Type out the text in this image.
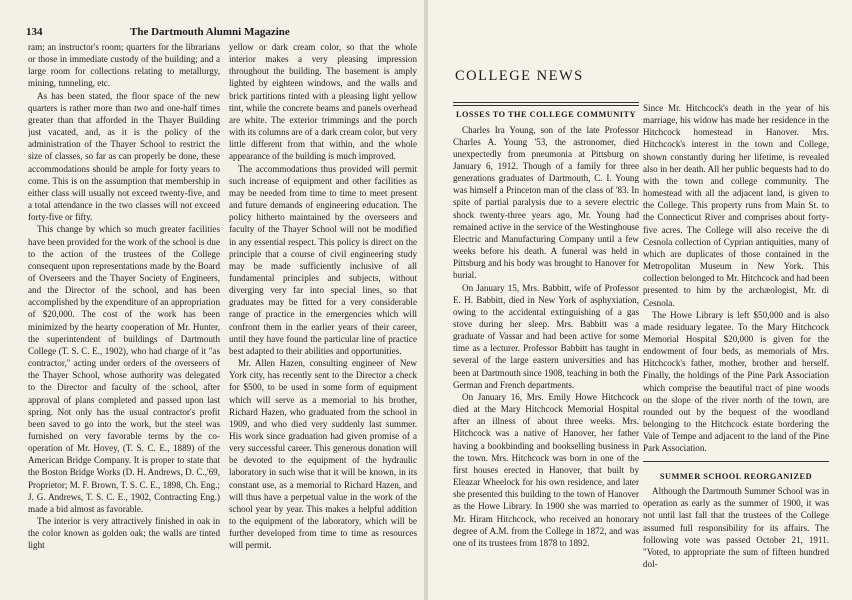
134	The Dartmouth Alumni Magazine

ram; an instructor's room; quarters for the librarians or those in immediate custody of the building; and a large room for collections relating to metallurgy, mining, tunneling, etc.

As has been stated, the floor space of the new quarters is rather more than two and one-half times greater than that afforded in the Thayer Building just vacated, and, as it is the policy of the administration of the Thayer School to restrict the size of classes, so far as can properly be done, these accommodations should be ample for forty years to come. This is on the assumption that membership in either class will usually not exceed twenty-five, and a total attendance in the two classes will not exceed forty-five or fifty.

This change by which so much greater facilities have been provided for the work of the school is due to the action of the trustees of the College consequent upon representations made by the Board of Overseers and the Thayer Society of Engineers, and the Director of the school, and has been accomplished by the expenditure of an appropriation of $20,000. The cost of the work has been minimized by the hearty cooperation of Mr. Hunter, the superintendent of buildings of Dartmouth College (T. S. C. E., 1902), who had charge of it "as contractor," acting under orders of the overseers of the Thayer School, whose authority was delegated to the Director and faculty of the school, after approval of plans completed and passed upon last spring. Not only has the usual contractor's profit been saved to go into the work, but the steel was furnished on very favorable terms by the co-operation of Mr. Hovey, (T. S. C. E., 1889) of the American Bridge Company. It is proper to state that the Boston Bridge Works (D. H. Andrews, D. C.,'69, Proprietor; M. F. Brown, T. S. C. E., 1898, Ch. Eng.; J. G. Andrews, T. S. C. E., 1902, Contracting Eng.) made a bid almost as favorable.

The interior is very attractively finished in oak in the color known as golden oak; the walls are tinted light

yellow or dark cream color, so that the whole interior makes a very pleasing impression throughout the building. The basement is amply lighted by eighteen windows, and the walls and brick partitions tinted with a pleasing light yellow tint, while the concrete beams and panels overhead are white. The exterior trimmings and the porch with its columns are of a dark cream color, but very little different from that within, and the whole appearance of the building is much improved.

The accommodations thus provided will permit such increase of equipment and other facilities as may be needed from time to time to meet present and future demands of engineering education. The policy hitherto maintained by the overseers and faculty of the Thayer School will not be modified in any essential respect. This policy is direct on the principle that a course of civil engineering study may be made sufficiently inclusive of all fundamental principles and subjects, without diverging very far into special lines, so that graduates may be fitted for a very considerable range of practice in the emergencies which will confront them in the earlier years of their career, until they have found the particular line of practice best adapted to their abilities and opportunities.

Mr. Allen Hazen, consulting engineer of New York city, has recently sent to the Director a check for $500, to be used in some form of equipment which will serve as a memorial to his brother, Richard Hazen, who graduated from the school in 1909, and who died very suddenly last summer. His work since graduation had given promise of a very successful career. This generous donation will be devoted to the equipment of the hydraulic laboratory in such wise that it will be known, in its constant use, as a memorial to Richard Hazen, and will thus have a perpetual value in the work of the school year by year. This makes a helpful addition to the equipment of the laboratory, which will be further developed from time to time as resources will permit.

COLLEGE NEWS
LOSSES TO THE COLLEGE COMMUNITY

Charles Ira Young, son of the late Professor Charles A. Young '53, the astronomer, died unexpectedly from pneumonia at Pittsburg on January 6, 1912. Though of a family for three generations graduates of Dartmouth, C. I. Young was himself a Princeton man of the class of '83. In spite of partial paralysis due to a severe electric shock twenty-three years ago, Mr. Young had remained active in the service of the Westinghouse Electric and Manufacturing Company until a few weeks before his death. A funeral was held in Pittsburg and his body was brought to Hanover for burial.

On January 15, Mrs. Babbitt, wife of Professor E. H. Babbitt, died in New York of asphyxiation, owing to the accidental extinguishing of a gas stove during her sleep. Mrs. Babbitt was a graduate of Vassar and had been active for some time as a lecturer. Professor Babbitt has taught in several of the large eastern universities and has been at Dartmouth since 1908, teaching in both the German and French departments.

On January 16, Mrs. Emily Howe Hitchcock died at the Mary Hitchcock Memorial Hospital after an illness of about three weeks. Mrs. Hitchcock was a native of Hanover, her father having a bookbinding and bookselling business in the town. Mrs. Hitchcock was born in one of the first houses erected in Hanover, that built by Eleazar Wheelock for his own residence, and later she presented this building to the town of Hanover as the Howe Library. In 1900 she was married to Mr. Hiram Hitchcock, who received an honorary degree of A.M. from the College in 1872, and was one of its trustees from 1878 to 1892.

Since Mr. Hitchcock's death in the year of his marriage, his widow has made her residence in the Hitchcock homestead in Hanover. Mrs. Hitchcock's interest in the town and College, shown constantly during her lifetime, is revealed also in her death. All her public bequests had to do with the town and college community. The homestead with all the adjacent land, is given to the College. This property runs from Main St. to the Connecticut River and comprises about forty-five acres. The College will also receive the di Cesnola collection of Cyprian antiquities, many of which are duplicates of those contained in the Metropolitan Museum in New York. This collection belonged to Mr. Hitchcock and had been presented to him by the archæologist, Mr. di Cesnola.

The Howe Library is left $50,000 and is also made residuary legatee. To the Mary Hitchcock Memorial Hospital $20,000 is given for the endowment of four beds, as memorials of Mrs. Hitchcock's father, mother, brother and herself. Finally, the holdings of the Pine Park Association which comprise the beautiful tract of pine woods on the slope of the river north of the town, are rounded out by the bequest of the woodland belonging to the Hitchcock estate bordering the Vale of Tempe and adjacent to the land of the Pine Park Association.

SUMMER SCHOOL REORGANIZED

Although the Dartmouth Summer School was in operation as early as the summer of 1900, it was not until last fall that the trustees of the College assumed full responsibility for its affairs. The following vote was passed October 21, 1911. "Voted, to appropriate the sum of fifteen hundred dol-
